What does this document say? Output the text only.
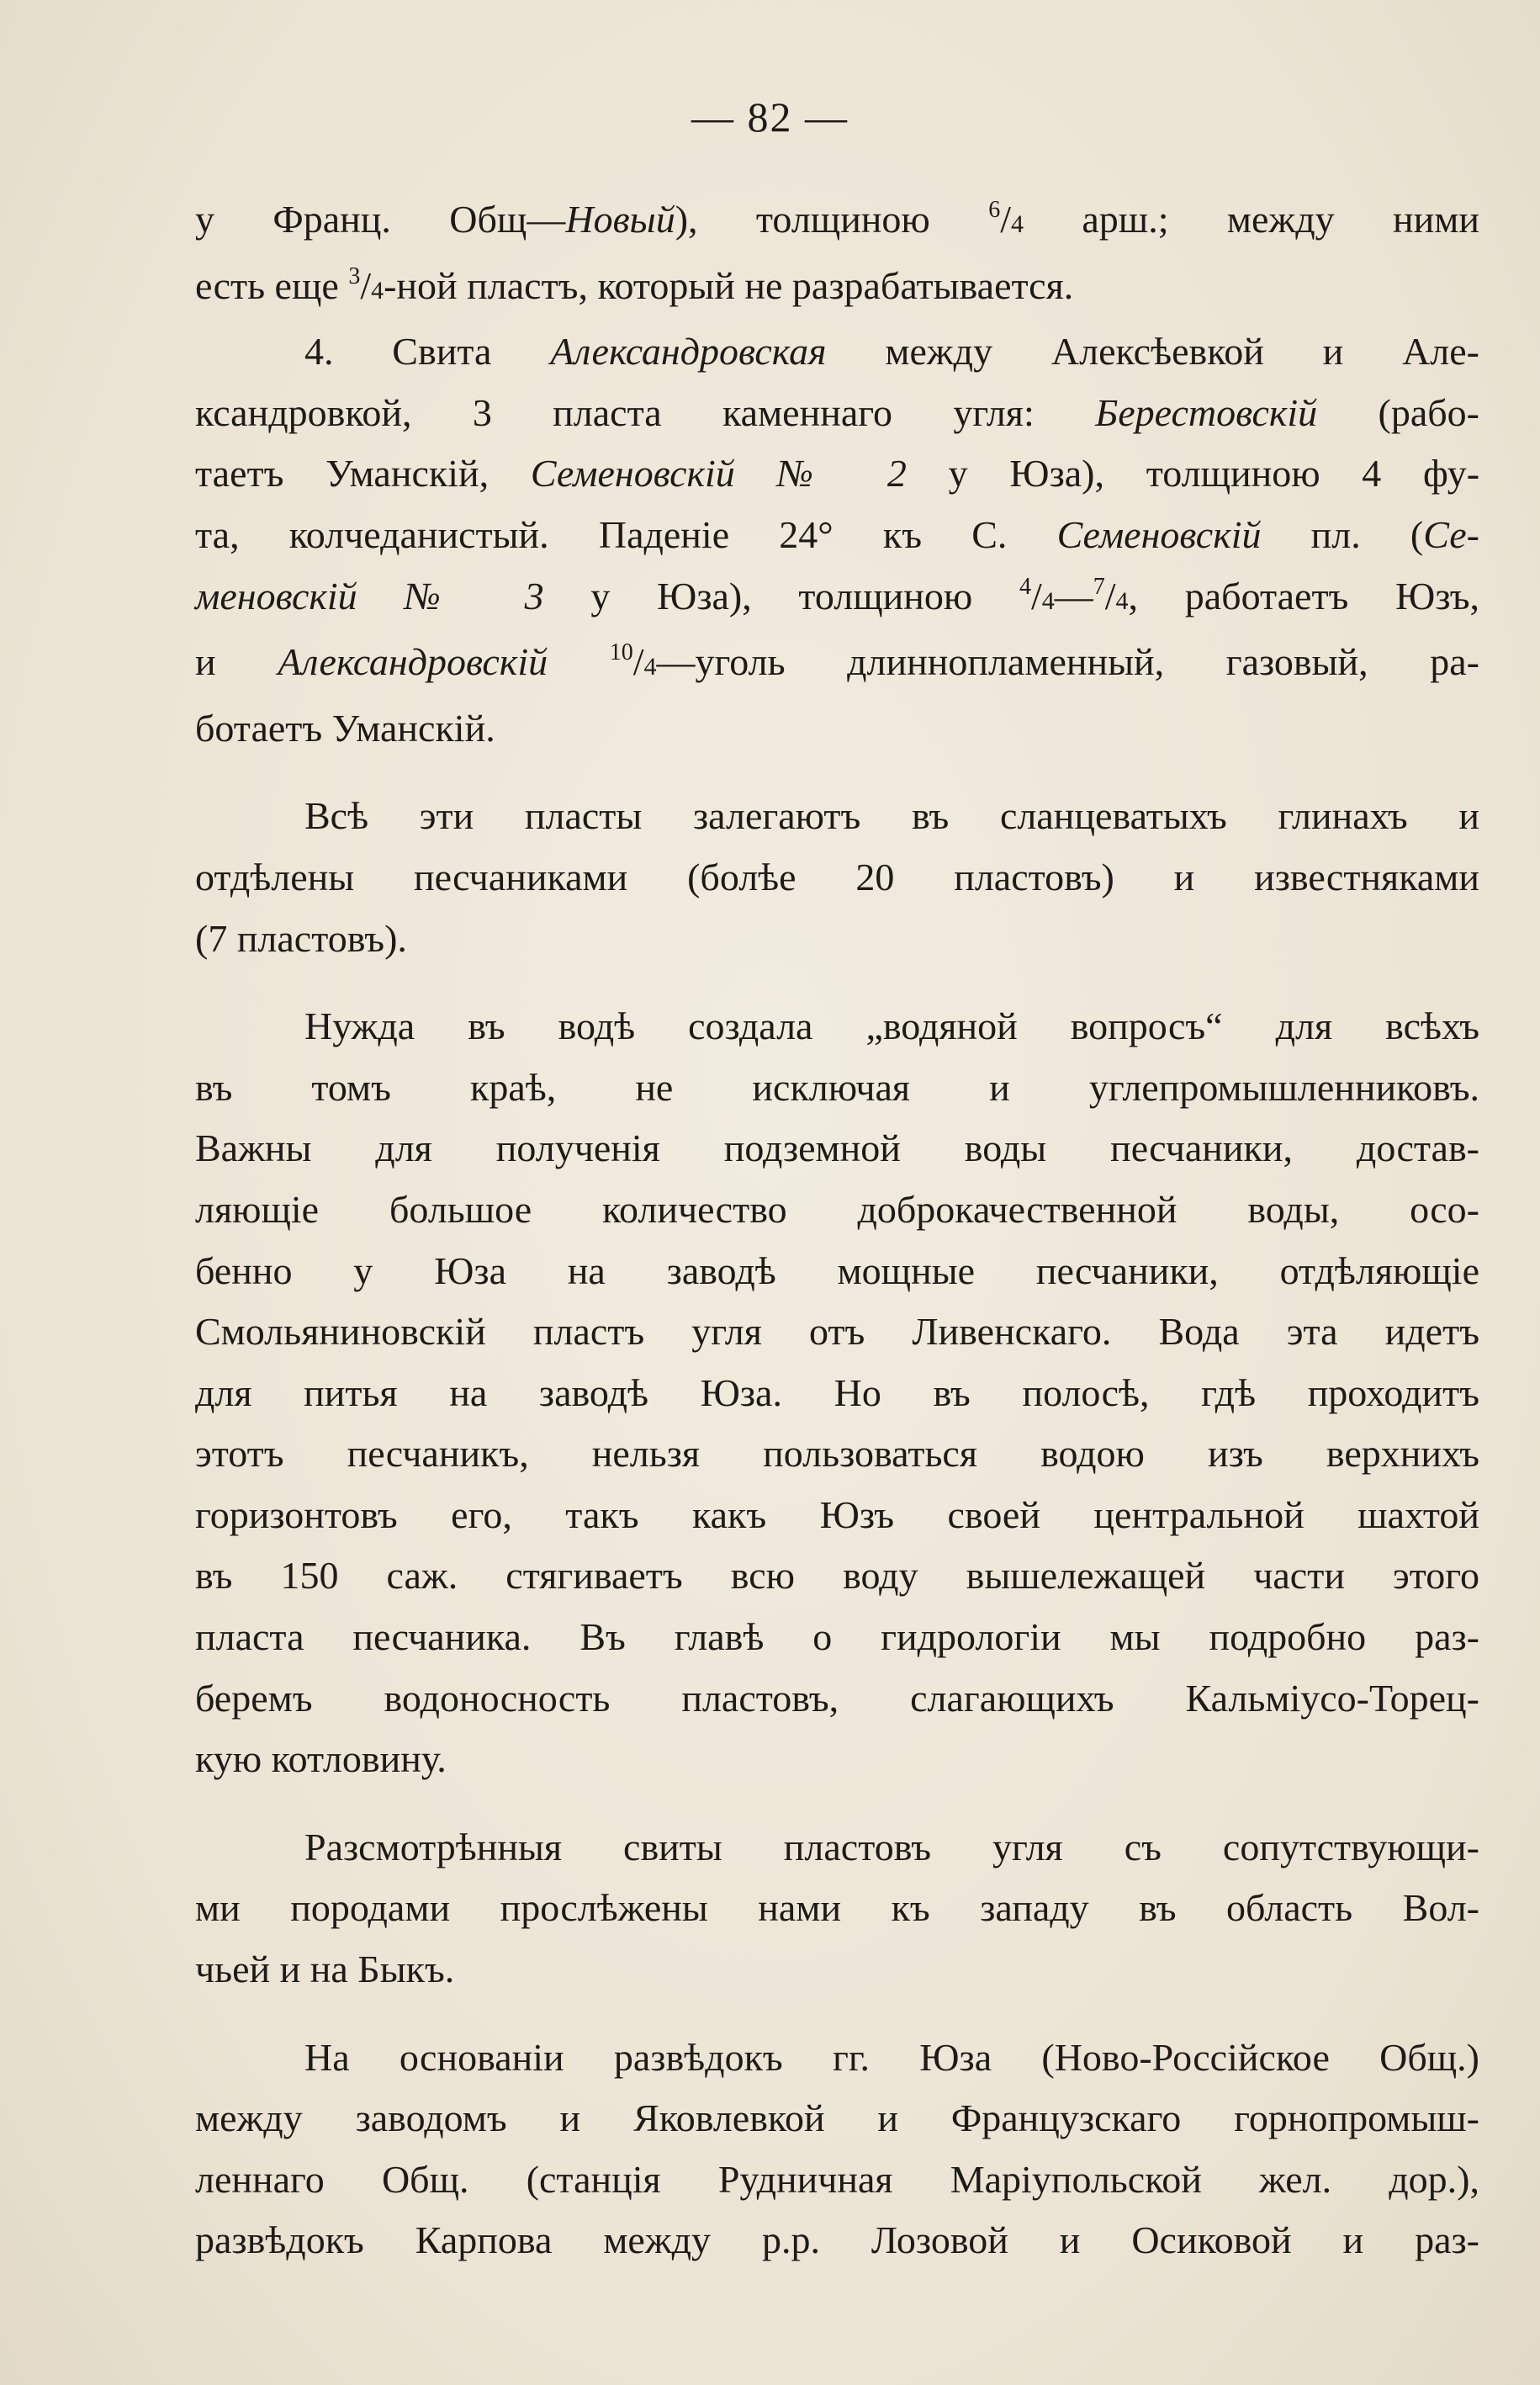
— 82 —
у Франц. Общ—Новый), толщиною $^6$/4 арш.; между ними
есть еще $^3$/4-ной пластъ, который не разрабатывается.
4. Свита Александровская между Алексѣевкой и Але-
ксандровкой, 3 пласта каменнаго угля: Берестовскій (рабо-
таетъ Уманскій, Семеновскій № 2 у Юза), толщиною 4 фу-
та, колчеданистый. Паденіе 24° къ С. Семеновскій пл. (Се-
меновскій № 3 у Юза), толщиною $^4$/4—$^7$/4, работаетъ Юзъ,
и Александровскій	$^{10}$/4—уголь длиннопламенный, газовый, ра-
ботаетъ Уманскій.
Всѣ эти пласты залегаютъ въ сланцеватыхъ глинахъ и
отдѣлены песчаниками (болѣе 20 пластовъ) и известняками
(7 пластовъ).
Нужда въ водѣ создала „водяной вопросъ“ для всѣхъ
въ томъ краѣ, не исключая и углепромышленниковъ.
Важны для полученія подземной воды песчаники, достав-
ляющіе большое количество доброкачественной воды, осо-
бенно у Юза на заводѣ мощные песчаники, отдѣляющіе
Смольяниновскій пластъ угля отъ Ливенскаго. Вода эта идетъ
для питья на заводѣ Юза. Но въ полосѣ, гдѣ проходитъ
этотъ песчаникъ, нельзя пользоваться водою изъ верхнихъ
горизонтовъ его, такъ какъ Юзъ своей центральной шахтой
въ 150 саж. стягиваетъ всю воду вышележащей части этого
пласта песчаника. Въ главѣ о гидрологіи мы подробно раз-
беремъ водоносность пластовъ, слагающихъ Кальміусо-Торец-
кую котловину.
Разсмотрѣнныя свиты пластовъ угля съ сопутствующи-
ми породами прослѣжены нами къ западу въ область Вол-
чьей и на Быкъ.
На основаніи развѣдокъ гг. Юза (Ново-Россійское Общ.)
между заводомъ и Яковлевкой и Французскаго горнопромыш-
леннаго Общ. (станція Рудничная Маріупольской жел. дор.),
развѣдокъ Карпова между р.р. Лозовой и Осиковой и раз-
